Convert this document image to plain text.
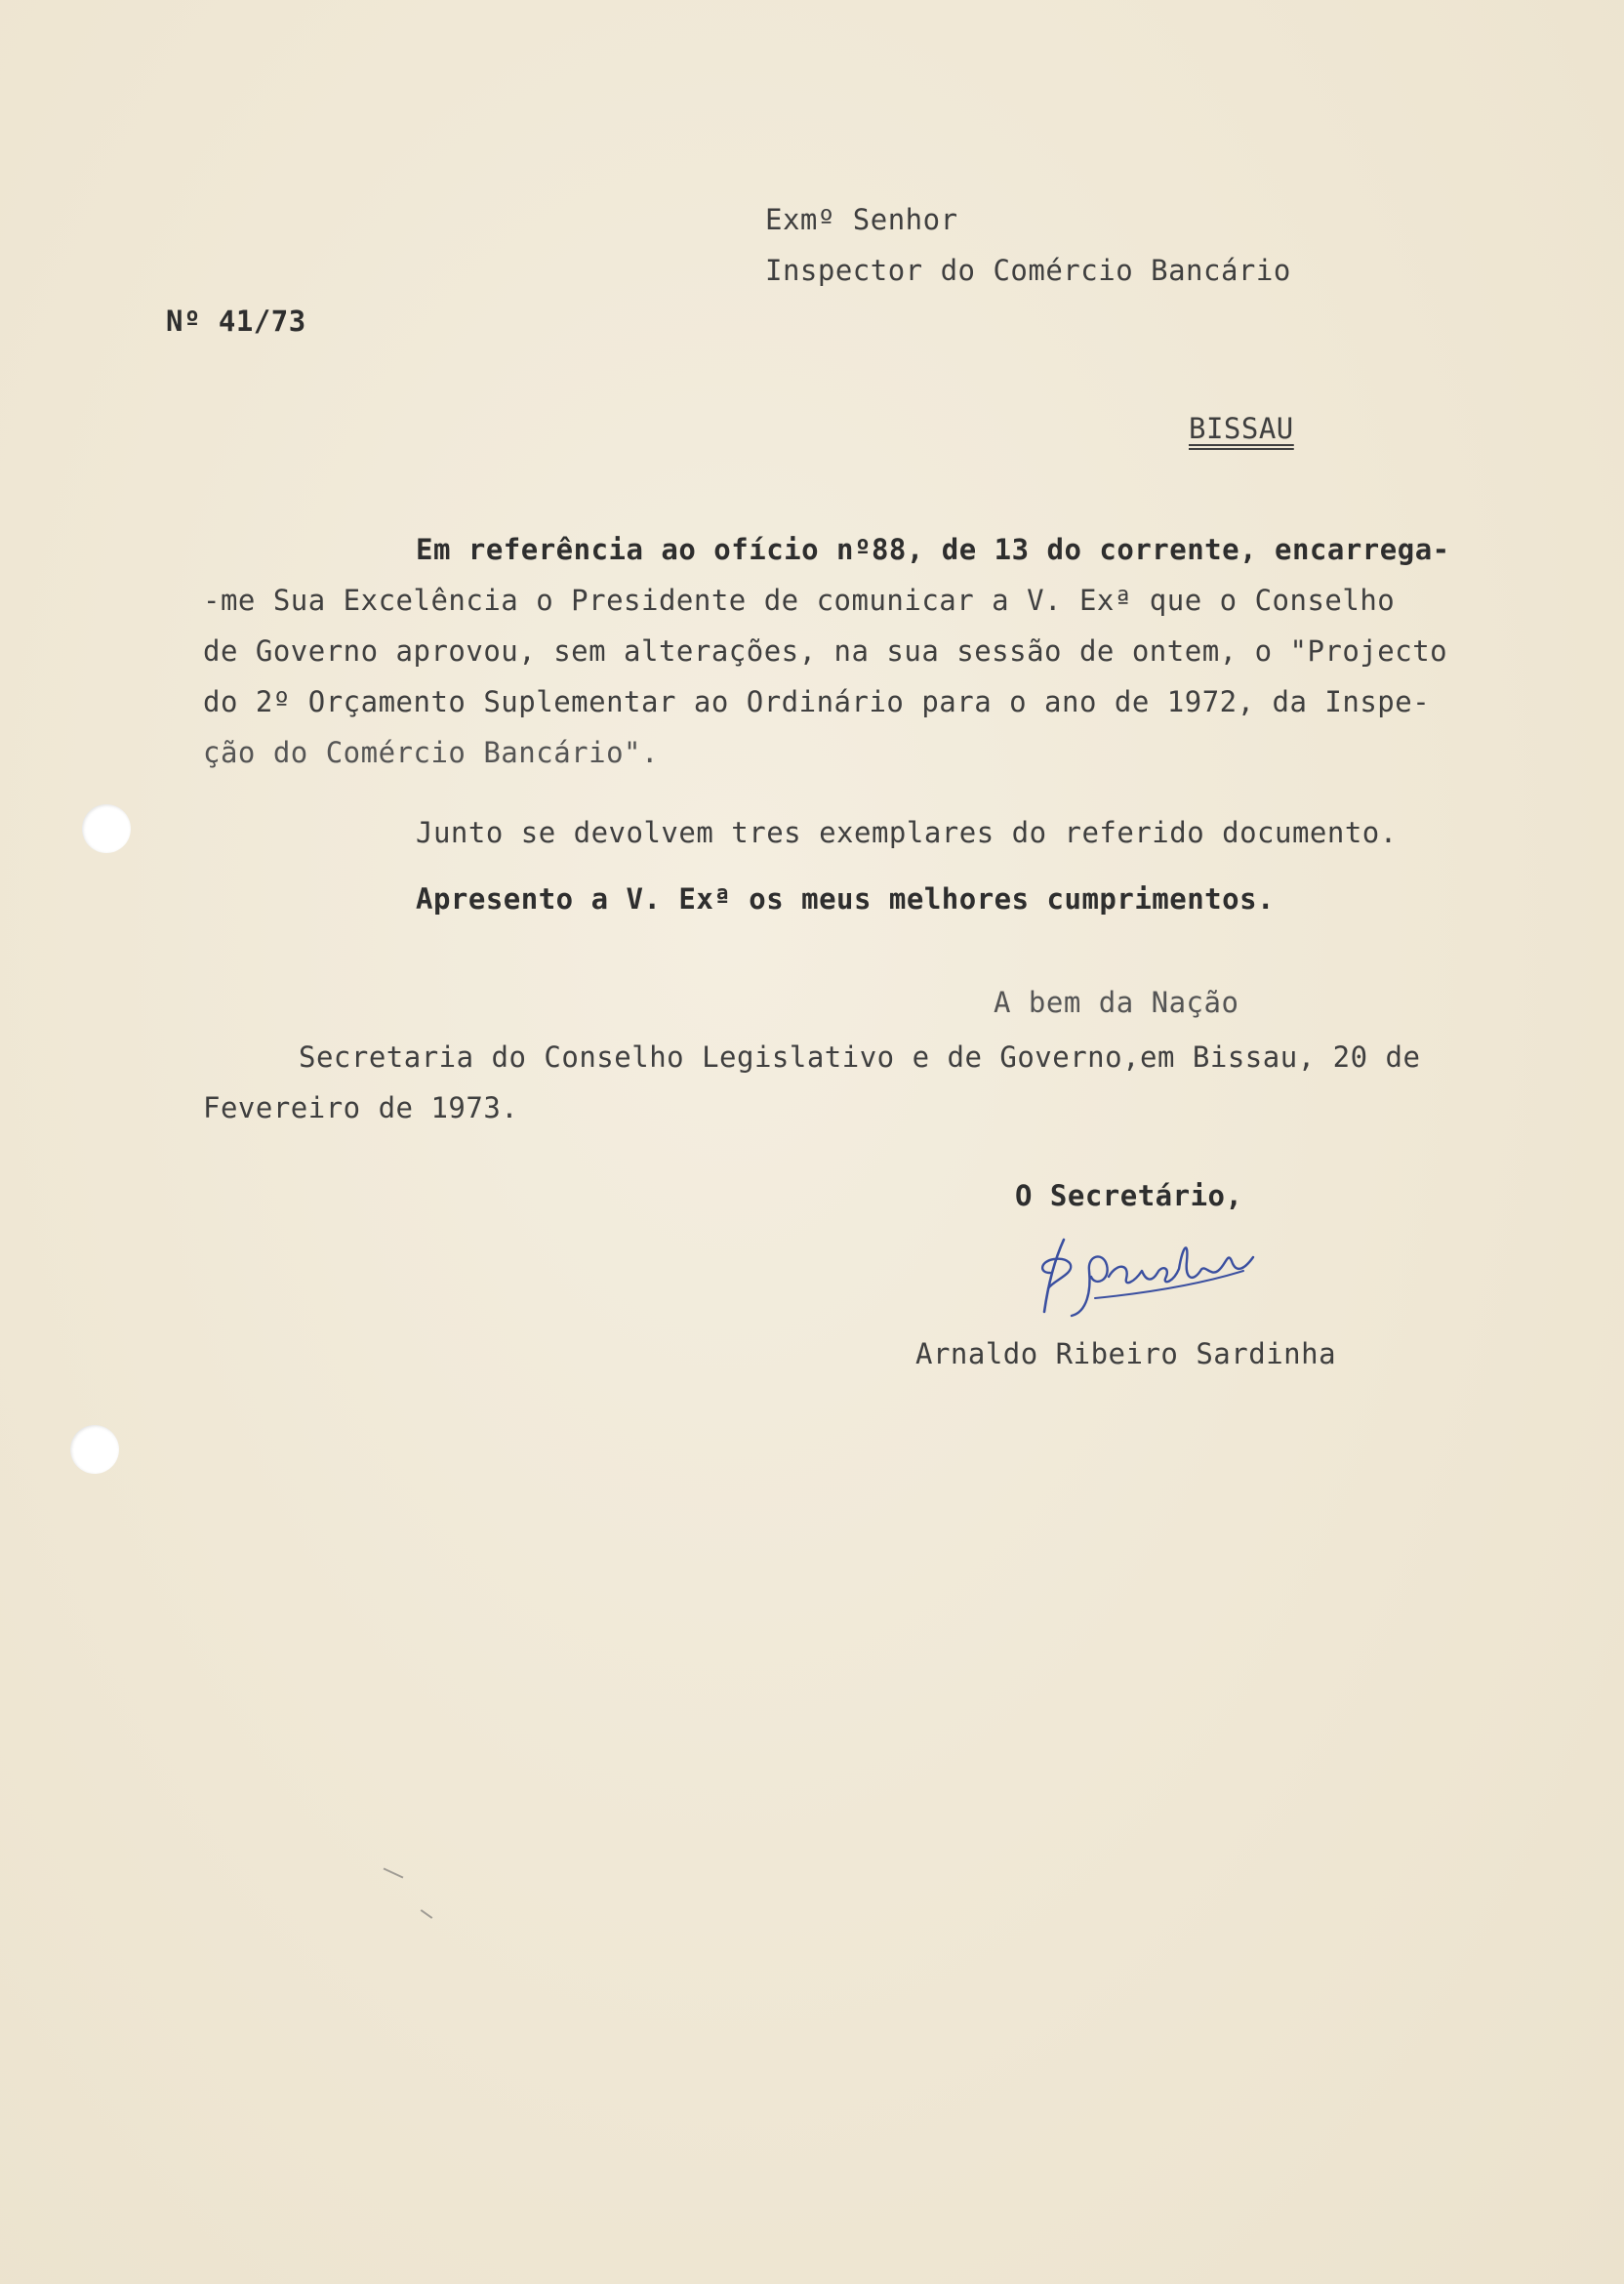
Exmº Senhor
Inspector do Comércio Bancário
Nº 41/73
BISSAU
Em referência ao ofício nº88, de 13 do corrente, encarrega-
-me Sua Excelência o Presidente de comunicar a V. Exª que o Conselho
de Governo aprovou, sem alterações, na sua sessão de ontem, o "Projecto
do 2º Orçamento Suplementar ao Ordinário para o ano de 1972, da Inspe-
ção do Comércio Bancário".
Junto se devolvem tres exemplares do referido documento.
Apresento a V. Exª os meus melhores cumprimentos.
A bem da Nação
Secretaria do Conselho Legislativo e de Governo,em Bissau, 20 de
Fevereiro de 1973.
O Secretário,
Arnaldo Ribeiro Sardinha
